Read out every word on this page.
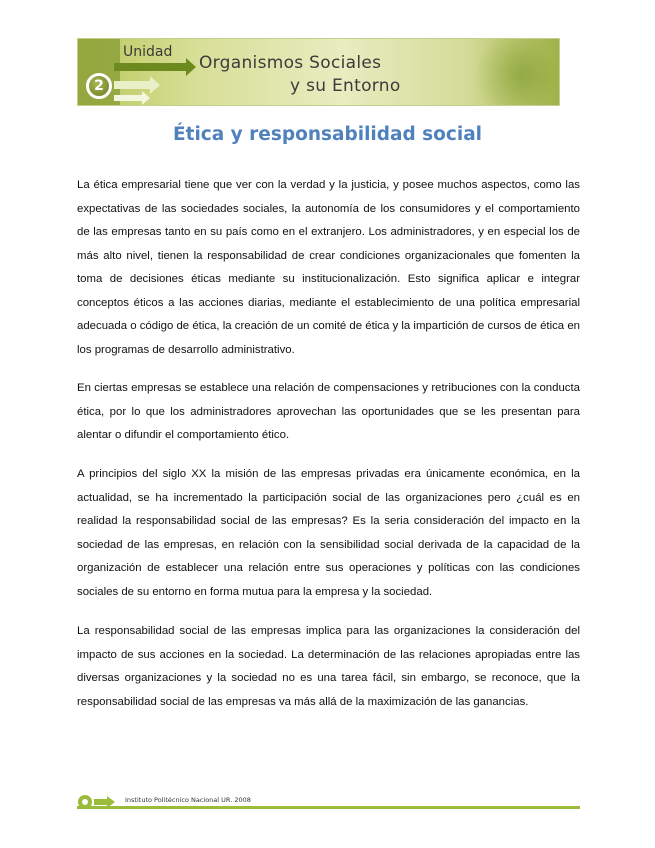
Unidad
2
Organismos Sociales
y su Entorno
Ética y responsabilidad social

La ética empresarial tiene que ver con la verdad y la justicia, y posee muchos aspectos, como las expectativas de las sociedades sociales, la autonomía de los consumidores y el comportamiento de las empresas tanto en su país como en el extranjero. Los administradores, y en especial los de más alto nivel, tienen la responsabilidad de crear condiciones organizacionales que fomenten la toma de decisiones éticas mediante su institucionalización. Esto significa aplicar e integrar conceptos éticos a las acciones diarias, mediante el establecimiento de una política empresarial adecuada o código de ética, la creación de un comité de ética y la impartición de cursos de ética en los programas de desarrollo administrativo.

En ciertas empresas se establece una relación de compensaciones y retribuciones con la conducta ética, por lo que los administradores aprovechan las oportunidades que se les presentan para alentar o difundir el comportamiento ético.

A principios del siglo XX la misión de las empresas privadas era únicamente económica, en la actualidad, se ha incrementado la participación social de las organizaciones pero ¿cuál es en realidad la responsabilidad social de las empresas? Es la seria consideración del impacto en la sociedad de las empresas, en relación con la sensibilidad social derivada de la capacidad de la organización de establecer una relación entre sus operaciones y políticas con las condiciones sociales de su entorno en forma mutua para la empresa y la sociedad.

La responsabilidad social de las empresas implica para las organizaciones la consideración del impacto de sus acciones en la sociedad. La determinación de las relaciones apropiadas entre las diversas organizaciones y la sociedad no es una tarea fácil, sin embargo, se reconoce, que la responsabilidad social de las empresas va más allá de la maximización de las ganancias.

Instituto Politécnico Nacional UR. 2008
